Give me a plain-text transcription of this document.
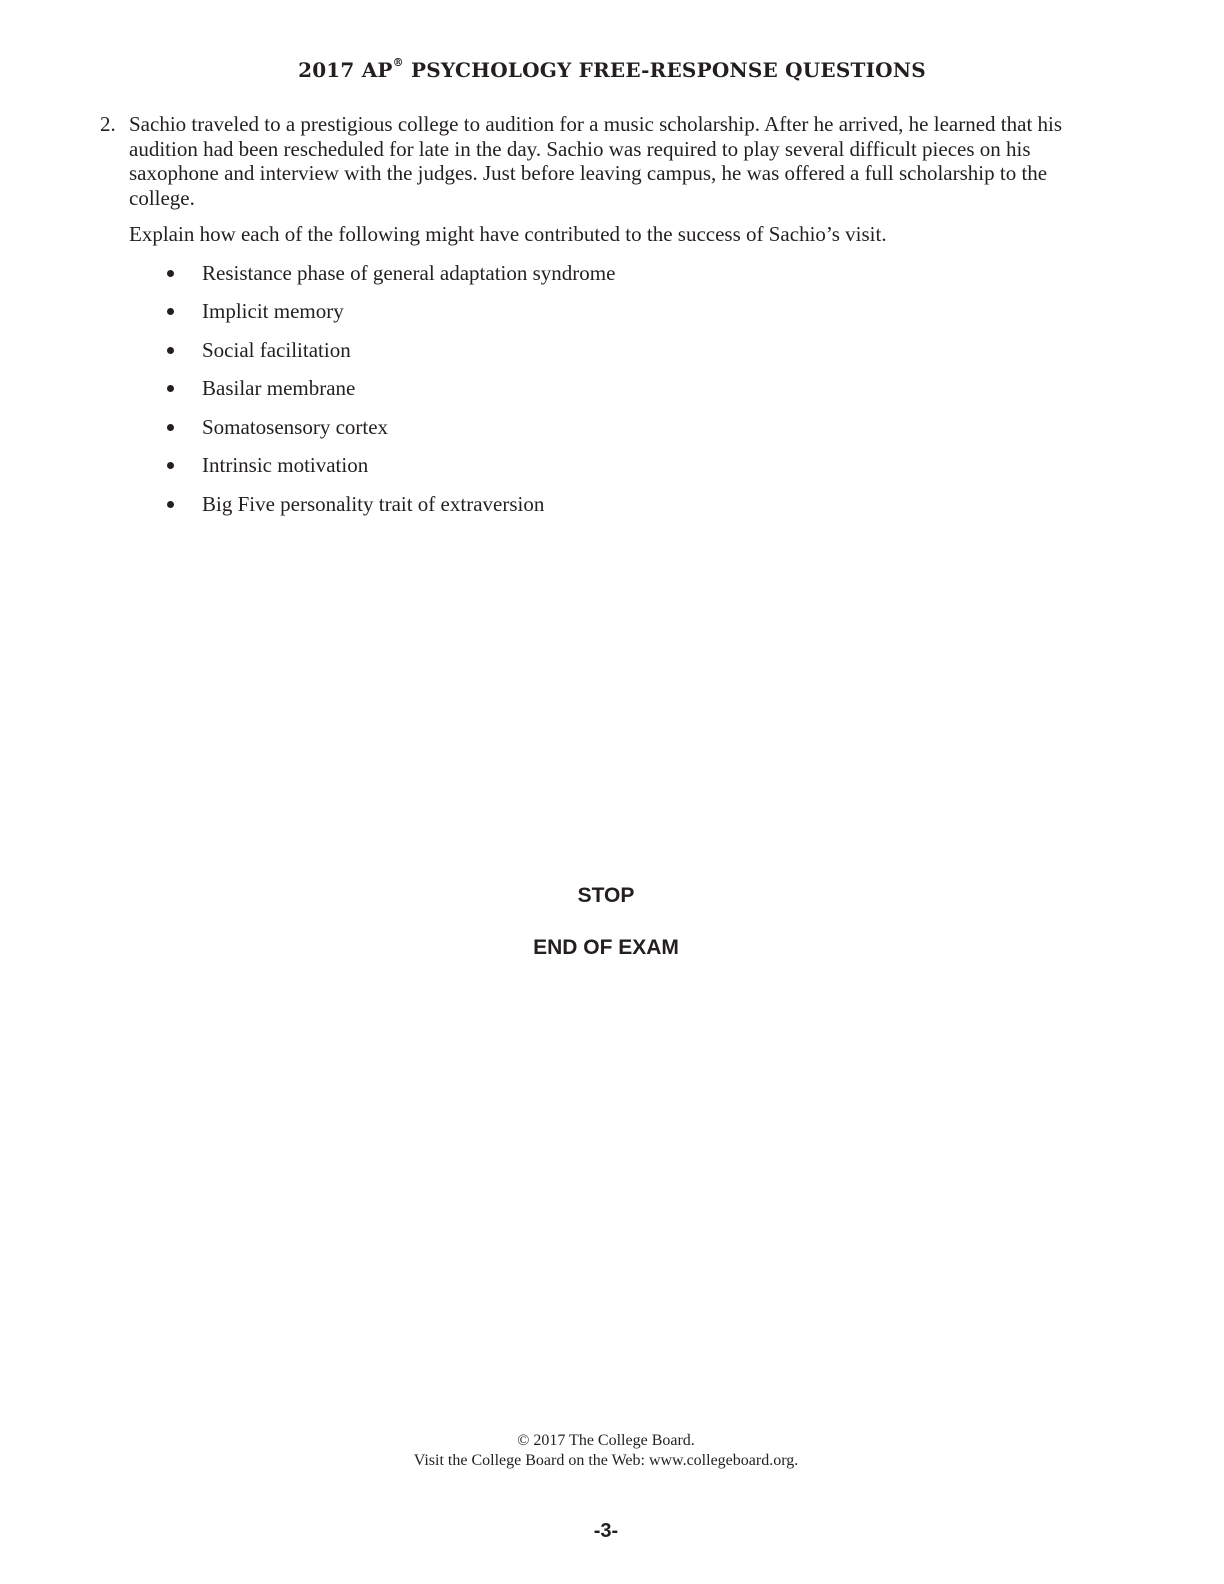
2017 AP® PSYCHOLOGY FREE-RESPONSE QUESTIONS
2. Sachio traveled to a prestigious college to audition for a music scholarship. After he arrived, he learned that his audition had been rescheduled for late in the day. Sachio was required to play several difficult pieces on his saxophone and interview with the judges. Just before leaving campus, he was offered a full scholarship to the college.

Explain how each of the following might have contributed to the success of Sachio’s visit.

Resistance phase of general adaptation syndrome
Implicit memory
Social facilitation
Basilar membrane
Somatosensory cortex
Intrinsic motivation
Big Five personality trait of extraversion
STOP
END OF EXAM
© 2017 The College Board.
Visit the College Board on the Web: www.collegeboard.org.
-3-
